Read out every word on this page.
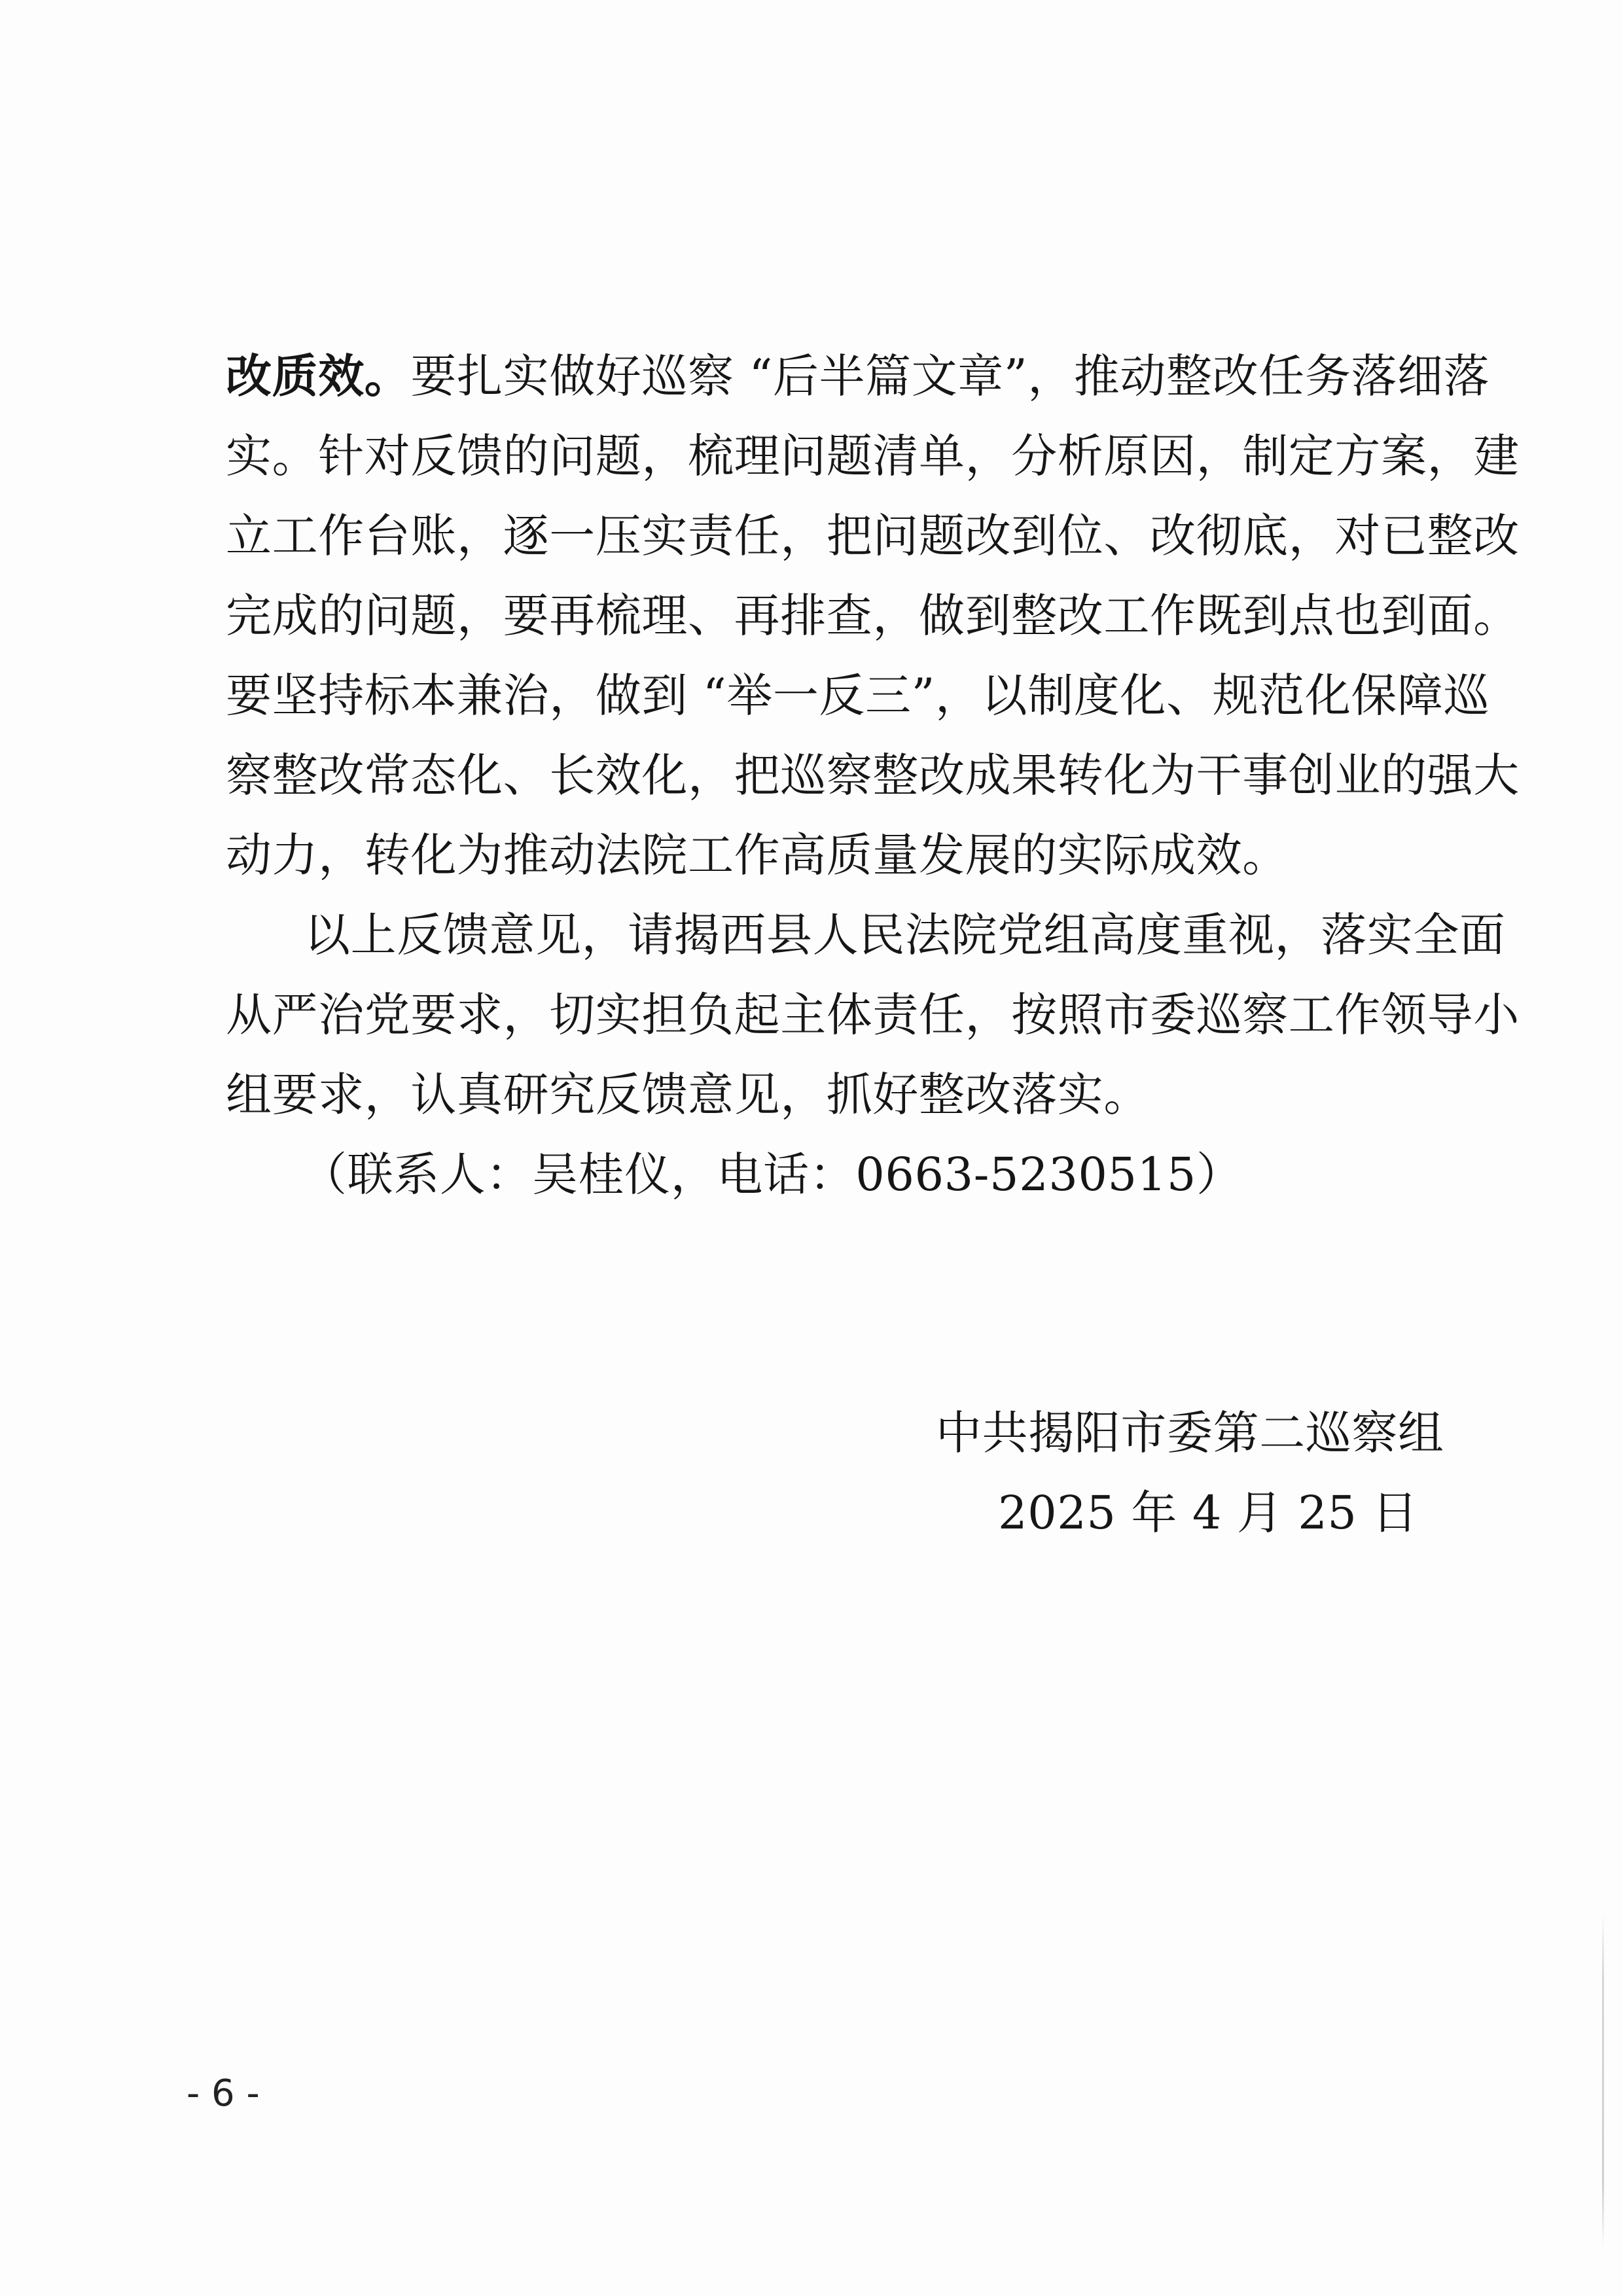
改质效。要扎实做好巡察 “后半篇文章”，推动整改任务落细落
实。针对反馈的问题，梳理问题清单，分析原因，制定方案，建
立工作台账，逐一压实责任，把问题改到位、改彻底，对已整改
完成的问题，要再梳理、再排查，做到整改工作既到点也到面。
要坚持标本兼治，做到 “举一反三”，以制度化、规范化保障巡
察整改常态化、长效化，把巡察整改成果转化为干事创业的强大
动力，转化为推动法院工作高质量发展的实际成效。
以上反馈意见，请揭西县人民法院党组高度重视，落实全面
从严治党要求，切实担负起主体责任，按照市委巡察工作领导小
组要求，认真研究反馈意见，抓好整改落实。
（联系人：吴桂仪，电话：0663-5230515）
中共揭阳市委第二巡察组
2025 年 4 月 25 日
- 6 -
